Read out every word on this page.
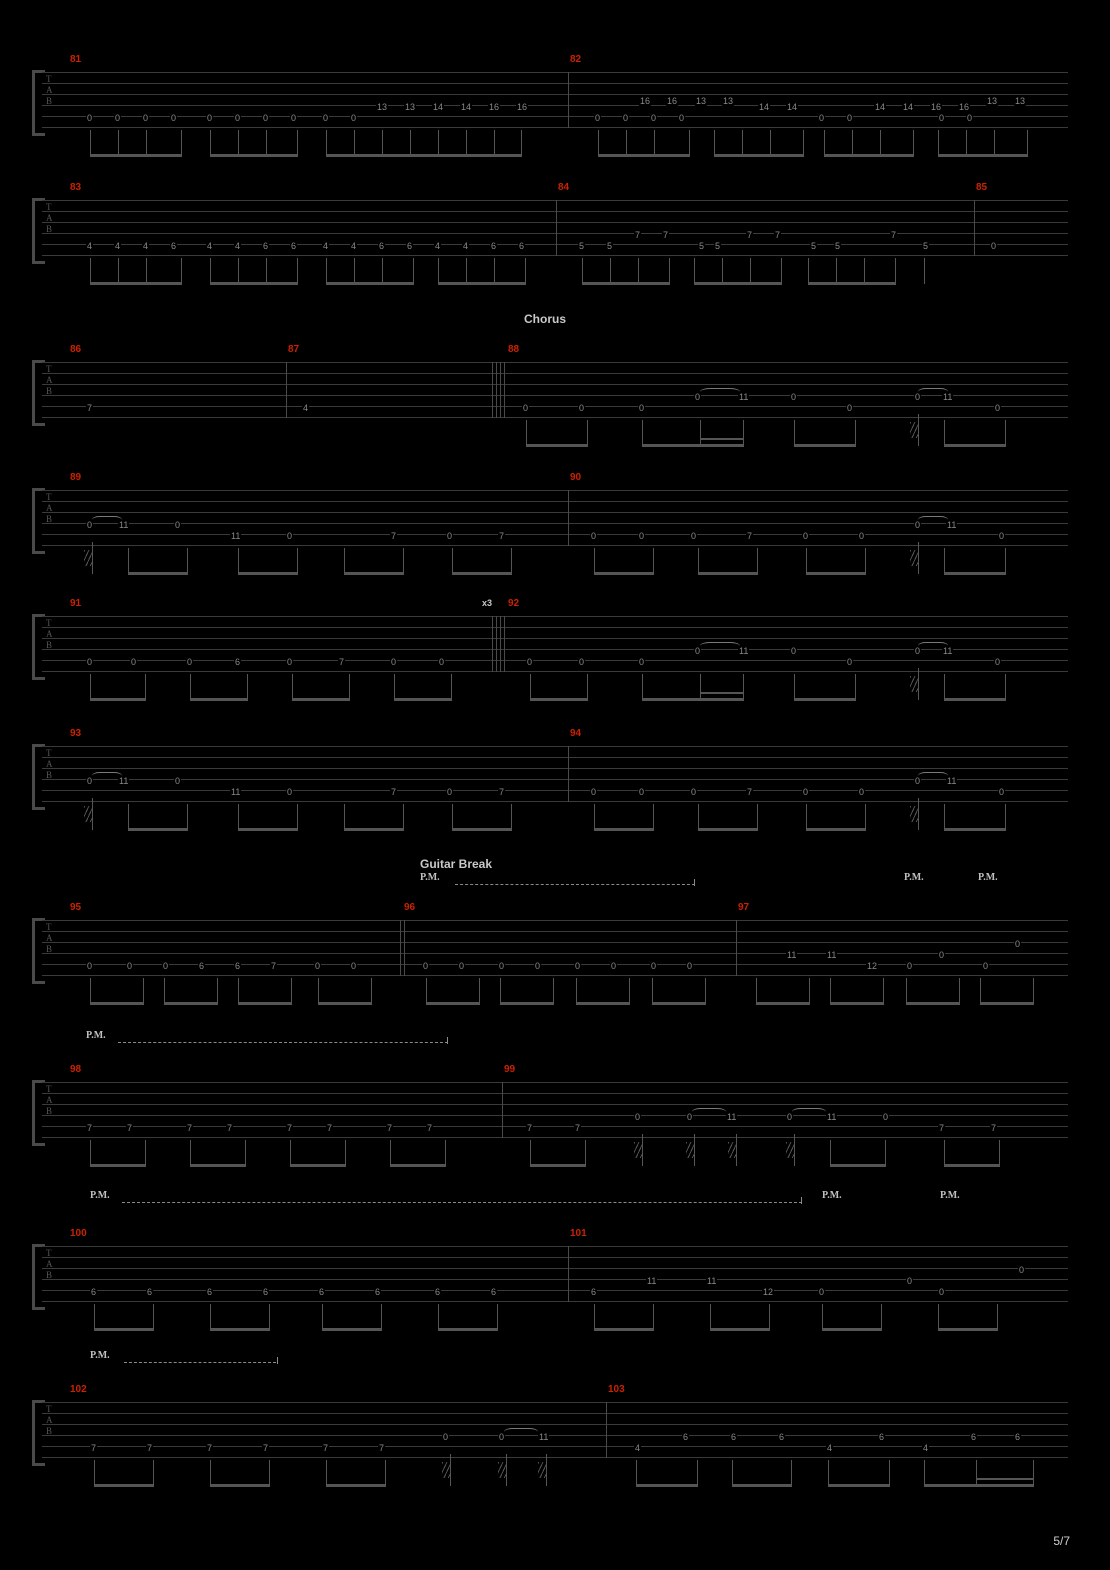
T
A
B
81	82
0	0	0	0	0	0	0	0	0	0
13 13 14 14 16 16
0	0	0	0
16 16 13 13
14 14
0	0
14 14 16 16
0	0
13 13
T
A
B
83	84	85
4	4	4	6	4	4	6	6	4	4	6	6	4	4	6	6	5	5
7	7
5 5
7	7
5 5
7
5	0
Chorus
T
A
B
86	87	88
7	4	0	0	0
0	11	0
0
0	11
0
T
A
B
89	90
0	11	0
11	0	7	0	7	0	0	0	7	0	0
0	11
0
T
A
B
91	92
x3
0	0	0	6	0	7	0	0	0	0	0
0	11	0
0
0	11
0
T
A
B
93	94
0	11	0
11	0	7	0	7	0	0	0	7	0	0
0	11
0
Guitar Break
P.M.	P.M.	P.M.
T
A
B
95	96	97
0	0	0	6	6	7	0	0	0	0	0	0	0	0	0	0
11	11
12	0
0
0
0
P.M.
T
A
B
98	99
7	7	7	7	7	7	7	7	7	7
0	0	11	0	11	0
7	7
P.M.	P.M.	P.M.
T
A
B
100	101
6	6	6	6	6	6	6	6	6
11	11
12	0
0
0
0
P.M.
T
A
B
102	103
7	7	7	7	7	7
0	0	11
4
6	6	6
4
6
4
6	6
5/7
